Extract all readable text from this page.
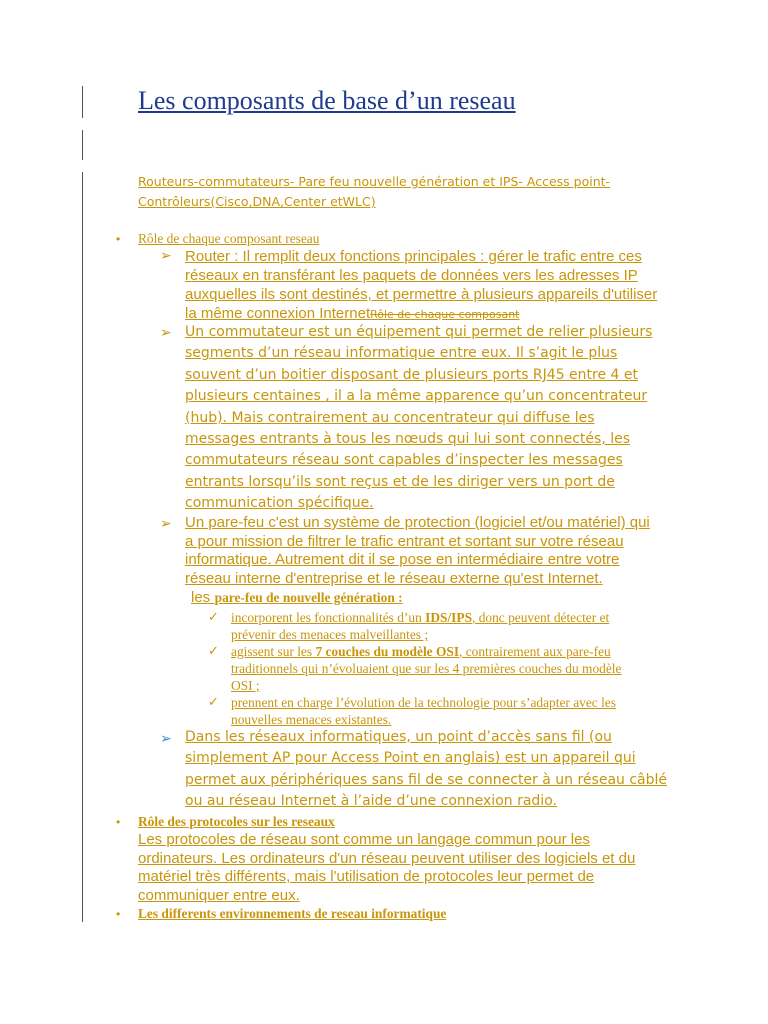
Les composants de base d’un reseau
Routeurs-commutateurs- Pare feu nouvelle génération et IPS- Access point-
Contrôleurs(Cisco,DNA,Center etWLC)
• Rôle de chaque composant reseau
➢ Router : Il remplit deux fonctions principales : gérer le trafic entre ces
réseaux en transférant les paquets de données vers les adresses IP
auxquelles ils sont destinés, et permettre à plusieurs appareils d'utiliser
la même connexion InternetRôle de chaque composant
➢ Un commutateur est un équipement qui permet de relier plusieurs
segments d’un réseau informatique entre eux. Il s’agit le plus
souvent d’un boitier disposant de plusieurs ports RJ45 entre 4 et
plusieurs centaines , il a la même apparence qu’un concentrateur
(hub). Mais contrairement au concentrateur qui diffuse les
messages entrants à tous les nœuds qui lui sont connectés, les
commutateurs réseau sont capables d’inspecter les messages
entrants lorsqu’ils sont reçus et de les diriger vers un port de
communication spécifique.
➢ Un pare-feu c'est un système de protection (logiciel et/ou matériel) qui
a pour mission de filtrer le trafic entrant et sortant sur votre réseau
informatique. Autrement dit il se pose en intermédiaire entre votre
réseau interne d'entreprise et le réseau externe qu'est Internet.
les pare-feu de nouvelle génération :
✓ incorporent les fonctionnalités d’un IDS/IPS, donc peuvent détecter et
prévenir des menaces malveillantes ;
✓ agissent sur les 7 couches du modèle OSI, contrairement aux pare-feu
traditionnels qui n’évoluaient que sur les 4 premières couches du modèle
OSI ;
✓ prennent en charge l’évolution de la technologie pour s’adapter avec les
nouvelles menaces existantes.
➢ Dans les réseaux informatiques, un point d’accès sans fil (ou
simplement AP pour Access Point en anglais) est un appareil qui
permet aux périphériques sans fil de se connecter à un réseau câblé
ou au réseau Internet à l’aide d’une connexion radio.
• Rôle des protocoles sur les reseaux
Les protocoles de réseau sont comme un langage commun pour les
ordinateurs. Les ordinateurs d'un réseau peuvent utiliser des logiciels et du
matériel très différents, mais l'utilisation de protocoles leur permet de
communiquer entre eux.
• Les differents environnements de reseau informatique
